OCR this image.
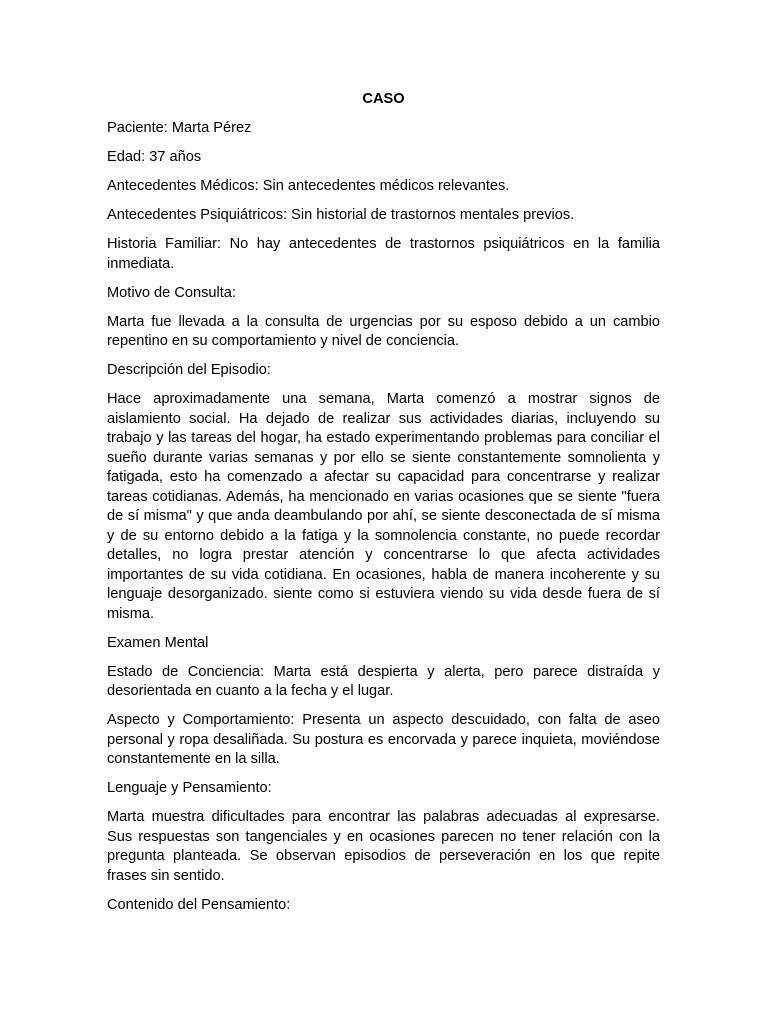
CASO

Paciente: Marta Pérez

Edad: 37 años

Antecedentes Médicos: Sin antecedentes médicos relevantes.

Antecedentes Psiquiátricos: Sin historial de trastornos mentales previos.

Historia Familiar: No hay antecedentes de trastornos psiquiátricos en la familia inmediata.

Motivo de Consulta:

Marta fue llevada a la consulta de urgencias por su esposo debido a un cambio repentino en su comportamiento y nivel de conciencia.

Descripción del Episodio:

Hace aproximadamente una semana, Marta comenzó a mostrar signos de aislamiento social. Ha dejado de realizar sus actividades diarias, incluyendo su trabajo y las tareas del hogar, ha estado experimentando problemas para conciliar el sueño durante varias semanas y por ello se siente constantemente somnolienta y fatigada, esto ha comenzado a afectar su capacidad para concentrarse y realizar tareas cotidianas. Además, ha mencionado en varias ocasiones que se siente "fuera de sí misma" y que anda deambulando por ahí, se siente desconectada de sí misma y de su entorno debido a la fatiga y la somnolencia constante, no puede recordar detalles, no logra prestar atención y concentrarse lo que afecta actividades importantes de su vida cotidiana. En ocasiones, habla de manera incoherente y su lenguaje desorganizado. siente como si estuviera viendo su vida desde fuera de sí misma.

Examen Mental

Estado de Conciencia: Marta está despierta y alerta, pero parece distraída y desorientada en cuanto a la fecha y el lugar.

Aspecto y Comportamiento: Presenta un aspecto descuidado, con falta de aseo personal y ropa desaliñada. Su postura es encorvada y parece inquieta, moviéndose constantemente en la silla.

Lenguaje y Pensamiento:

Marta muestra dificultades para encontrar las palabras adecuadas al expresarse. Sus respuestas son tangenciales y en ocasiones parecen no tener relación con la pregunta planteada. Se observan episodios de perseveración en los que repite frases sin sentido.

Contenido del Pensamiento:
